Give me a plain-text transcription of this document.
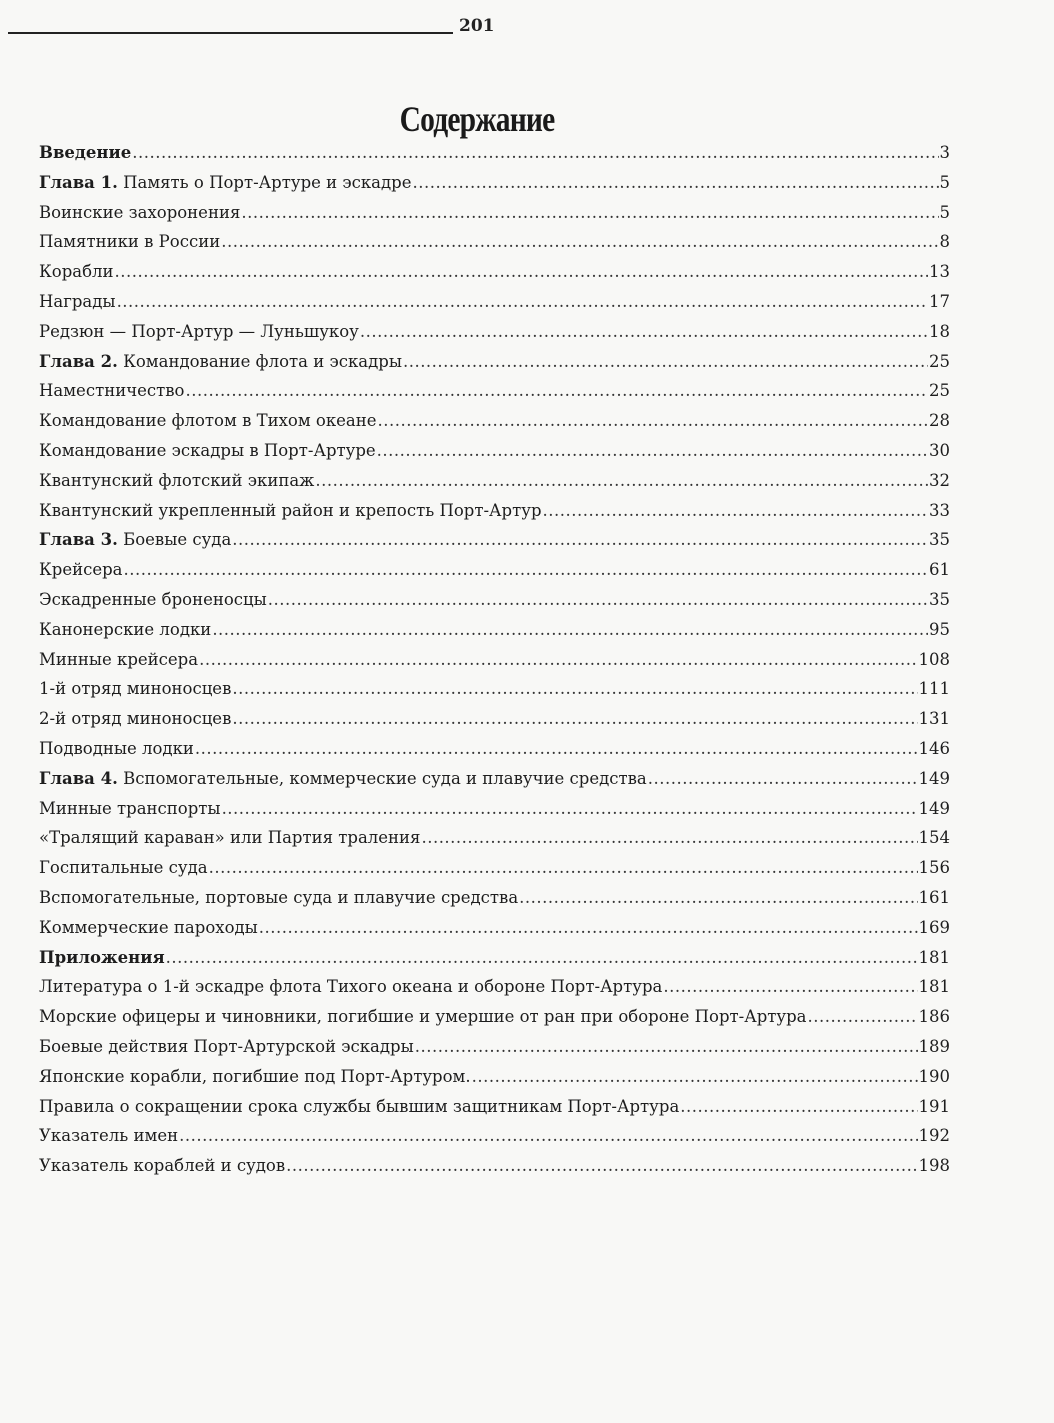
201
Содержание
Введение .....	3
Глава 1. Память о Порт-Артуре и эскадре .....	5
Воинские захоронения .....	5
Памятники в России .....	8
Корабли .....	13
Награды .....	17
Редзюн — Порт-Артур — Луньшукоу .....	18
Глава 2. Командование флота и эскадры .....	25
Наместничество .....	25
Командование флотом в Тихом океане .....	28
Командование эскадры в Порт-Артуре .....	30
Квантунский флотский экипаж .....	32
Квантунский укрепленный район и крепость Порт-Артур .....	33
Глава 3. Боевые суда .....	35
Крейсера .....	61
Эскадренные броненосцы .....	35
Канонерские лодки .....	95
Минные крейсера .....	108
1-й отряд миноносцев .....	111
2-й отряд миноносцев .....	131
Подводные лодки .....	146
Глава 4. Вспомогательные, коммерческие суда и плавучие средства .....	149
Минные транспорты .....	149
«Тралящий караван» или Партия траления .....	154
Госпитальные суда .....	156
Вспомогательные, портовые суда и плавучие средства .....	161
Коммерческие пароходы .....	169
Приложения .....	181
Литература о 1-й эскадре флота Тихого океана и обороне Порт-Артура .....	181
Морские офицеры и чиновники, погибшие и умершие от ран при обороне Порт-Артура .....	186
Боевые действия Порт-Артурской эскадры .....	189
Японские корабли, погибшие под Порт-Артуром. .....	190
Правила о сокращении срока службы бывшим защитникам Порт-Артура .....	191
Указатель имен .....	192
Указатель кораблей и судов .....	198
